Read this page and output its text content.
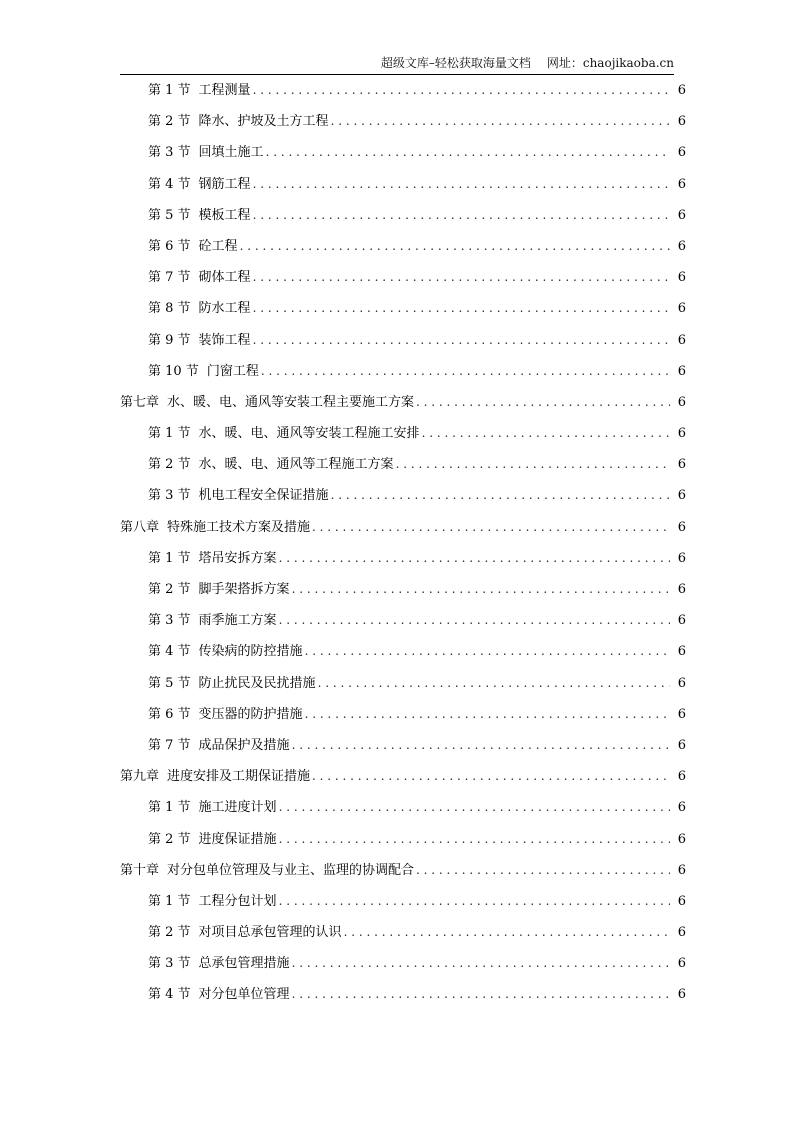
超级文库–轻松获取海量文档 网址：chaojikaoba.cn
第 1 节 工程测量 . . .	6
第 2 节 降水、护坡及土方工程 . . .	6
第 3 节 回填土施工 . . .	6
第 4 节 钢筋工程 . . .	6
第 5 节 模板工程 . . .	6
第 6 节 砼工程 . . .	6
第 7 节 砌体工程 . . .	6
第 8 节 防水工程 . . .	6
第 9 节 装饰工程 . . .	6
第 10 节 门窗工程 . . .	6
第七章 水、暖、电、通风等安装工程主要施工方案 . . .	6
第 1 节 水、暖、电、通风等安装工程施工安排 . . .	6
第 2 节 水、暖、电、通风等工程施工方案 . . .	6
第 3 节 机电工程安全保证措施 . . .	6
第八章 特殊施工技术方案及措施 . . .	6
第 1 节 塔吊安拆方案 . . .	6
第 2 节 脚手架搭拆方案 . . .	6
第 3 节 雨季施工方案 . . .	6
第 4 节 传染病的防控措施 . . .	6
第 5 节 防止扰民及民扰措施 . . .	6
第 6 节 变压器的防护措施 . . .	6
第 7 节 成品保护及措施 . . .	6
第九章 进度安排及工期保证措施 . . .	6
第 1 节 施工进度计划 . . .	6
第 2 节 进度保证措施 . . .	6
第十章 对分包单位管理及与业主、监理的协调配合 . . .	6
第 1 节 工程分包计划 . . .	6
第 2 节 对项目总承包管理的认识 . . .	6
第 3 节 总承包管理措施 . . .	6
第 4 节 对分包单位管理 . . .	6
